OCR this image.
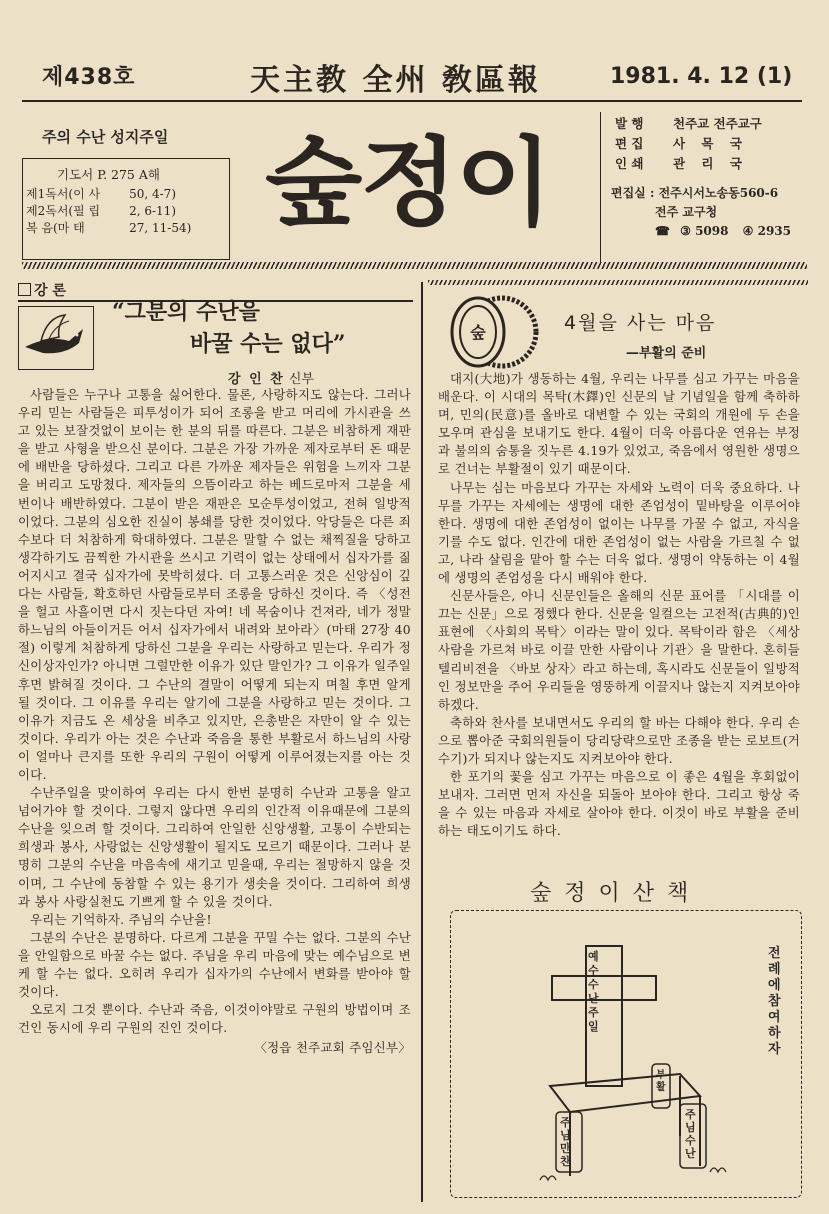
제438호	天主教 全州 敎區報	1981. 4. 12 (1)
주의 수난 성지주일
기도서 P. 275 A해
제1독서(이 사	50, 4-7)
제2독서(필 립	2, 6-11)
복 음(마 태	27, 11-54) 숲정이
발 행	천주교 전주교구
편 집	사 목 국
인 쇄	관 리 국
편집실 : 전주시서노송동560-6
전주 교구청
☎ ③ 5098 ④ 2935
강 론
“그분의 수난을
바꿀 수는 없다”
강 인 찬 신부

사람들은 누구나 고통을 싫어한다. 물론, 사랑하지도 않는다. 그러나 우리 믿는 사람들은 피투성이가 되어 조롱을 받고 머리에 가시관을 쓰고 있는 보잘것없이 보이는 한 분의 뒤를 따른다. 그분은 비참하게 재판을 받고 사형을 받으신 분이다. 그분은 가장 가까운 제자로부터 돈 때문에 배반을 당하셨다. 그리고 다른 가까운 제자들은 위험을 느끼자 그분을 버리고 도망쳤다. 제자들의 으뜸이라고 하는 베드로마저 그분을 세번이나 배반하였다. 그분이 받은 재판은 모순투성이었고, 전혀 일방적이었다. 그분의 심오한 진실이 봉쇄를 당한 것이었다. 악당들은 다른 죄수보다 더 처참하게 학대하였다. 그분은 말할 수 없는 채찍질을 당하고 생각하기도 끔찍한 가시관을 쓰시고 기력이 없는 상태에서 십자가를 짊어지시고 결국 십자가에 못박히셨다. 더 고통스러운 것은 신앙심이 깊다는 사람들, 확호하던 사람들로부터 조롱을 당하신 것이다. 즉 〈성전을 헐고 사흘이면 다시 짓는다던 자여! 네 목숨이나 건져라, 네가 정말 하느님의 아들이거든 어서 십자가에서 내려와 보아라〉(마태 27장 40절) 이렇게 처참하게 당하신 그분을 우리는 사랑하고 믿는다. 우리가 정신이상자인가? 아니면 그럴만한 이유가 있단 말인가? 그 이유가 일주일후면 밝혀질 것이다. 그 수난의 결말이 어떻게 되는지 며칠 후면 알게 될 것이다. 그 이유를 우리는 알기에 그분을 사랑하고 믿는 것이다. 그 이유가 지금도 온 세상을 비추고 있지만, 은총받은 자만이 알 수 있는 것이다. 우리가 아는 것은 수난과 죽음을 통한 부활로서 하느님의 사랑이 얼마나 큰지를 또한 우리의 구원이 어떻게 이루어졌는지를 아는 것이다.

수난주일을 맞이하여 우리는 다시 한번 분명히 수난과 고통을 알고 넘어가야 할 것이다. 그렇지 않다면 우리의 인간적 이유때문에 그분의 수난을 잊으려 할 것이다. 그리하여 안일한 신앙생활, 고통이 수반되는 희생과 봉사, 사랑없는 신앙생활이 될지도 모르기 때문이다. 그러나 분명히 그분의 수난을 마음속에 새기고 믿을때, 우리는 절망하지 않을 것이며, 그 수난에 동참할 수 있는 용기가 생솟을 것이다. 그리하여 희생과 봉사 사랑실천도 기쁘게 할 수 있을 것이다.

우리는 기억하자. 주님의 수난을!

그분의 수난은 분명하다. 다르게 그분을 꾸밀 수는 없다. 그분의 수난을 안일함으로 바꿀 수는 없다. 주님을 우리 마음에 맞는 예수님으로 변케 할 수는 없다. 오히려 우리가 십자가의 수난에서 변화를 받아야 할 것이다.

오로지 그것 뿐이다. 수난과 죽음, 이것이야말로 구원의 방법이며 조건인 동시에 우리 구원의 진인 것이다.

〈정읍 천주교회 주임신부〉
숲	4월을 사는 마음
—부활의 준비

대지(大地)가 생동하는 4월, 우리는 나무를 심고 가꾸는 마음을 배운다. 이 시대의 목탁(木鐸)인 신문의 날 기념일을 함께 축하하며, 민의(民意)를 올바로 대변할 수 있는 국회의 개원에 두 손을 모우며 관심을 보내기도 한다. 4월이 더욱 아름다운 연유는 부정과 불의의 숨통을 짓누른 4.19가 있었고, 죽음에서 영원한 생명으로 건너는 부활절이 있기 때문이다.

나무는 심는 마음보다 가꾸는 자세와 노력이 더욱 중요하다. 나무를 가꾸는 자세에는 생명에 대한 존엄성이 밑바탕을 이루어야 한다. 생명에 대한 존엄성이 없이는 나무를 가꿀 수 없고, 자식을 기를 수도 없다. 인간에 대한 존엄성이 없는 사람을 가르칠 수 없고, 나라 살림을 맡아 할 수는 더욱 없다. 생명이 약동하는 이 4월에 생명의 존엄성을 다시 배워야 한다.

신문사들은, 아니 신문인들은 올해의 신문 표어를 「시대를 이끄는 신문」으로 정했다 한다. 신문을 일컬으는 고전적(古典的)인 표현에 〈사회의 목탁〉이라는 말이 있다. 목탁이라 함은 〈세상 사람을 가르쳐 바로 이끌 만한 사람이나 기관〉을 말한다. 혼히들 텔리비젼을 〈바보 상자〉라고 하는데, 혹시라도 신문들이 일방적인 정보만을 주어 우리들을 영뚱하게 이끌지나 않는지 지켜보아야 하겠다.

축하와 찬사를 보내면서도 우리의 할 바는 다해야 한다. 우리 손으로 뽑아준 국회의원들이 당리당략으로만 조종을 받는 로보트(거수기)가 되지나 않는지도 지켜보아야 한다.

한 포기의 꽃을 심고 가꾸는 마음으로 이 좋은 4월을 후회없이 보내자. 그러면 먼저 자신을 되돌아 보아야 한다. 그리고 항상 죽을 수 있는 마음과 자세로 살아야 한다. 이것이 바로 부활을 준비하는 태도이기도 하다.

숲 정 이 산 책
전례에 참여하자
예수 수난 주일
주님 만찬
주님 수난
부활
